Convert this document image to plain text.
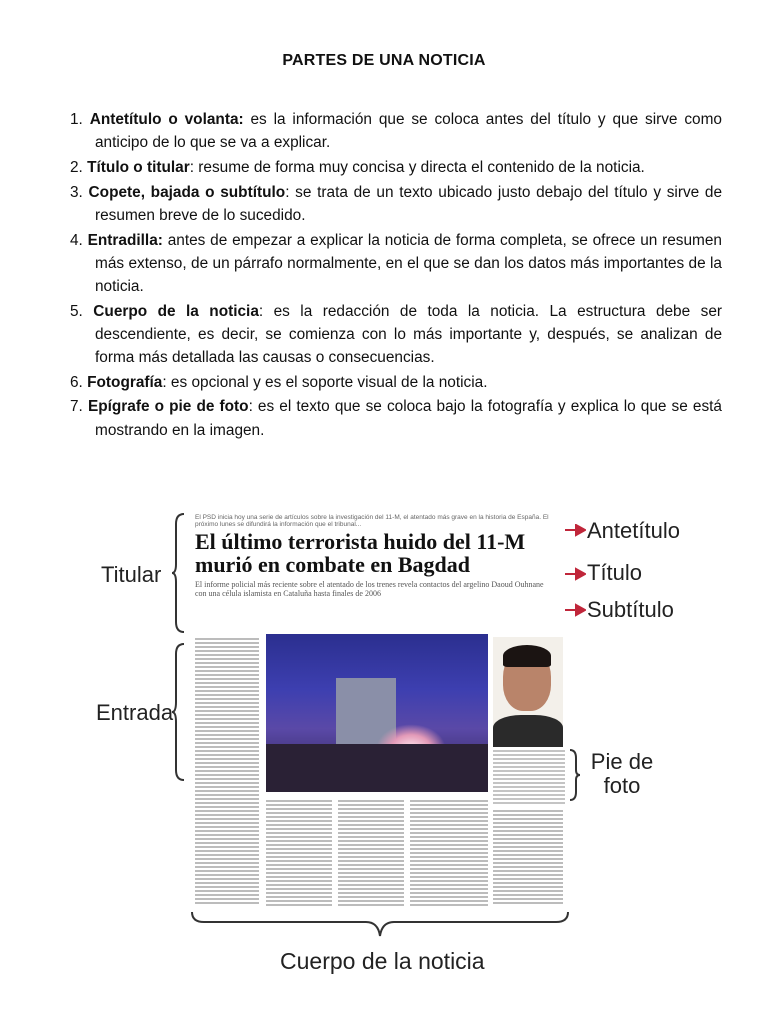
PARTES DE UNA NOTICIA
1. Antetítulo o volanta: es la información que se coloca antes del título y que sirve como anticipo de lo que se va a explicar.
2. Título o titular: resume de forma muy concisa y directa el contenido de la noticia.
3. Copete, bajada o subtítulo: se trata de un texto ubicado justo debajo del título y sirve de resumen breve de lo sucedido.
4. Entradilla: antes de empezar a explicar la noticia de forma completa, se ofrece un resumen más extenso, de un párrafo normalmente, en el que se dan los datos más importantes de la noticia.
5. Cuerpo de la noticia: es la redacción de toda la noticia. La estructura debe ser descendiente, es decir, se comienza con lo más importante y, después, se analizan de forma más detallada las causas o consecuencias.
6. Fotografía: es opcional y es el soporte visual de la noticia.
7. Epígrafe o pie de foto: es el texto que se coloca bajo la fotografía y explica lo que se está mostrando en la imagen.
Titular
Entrada
Antetítulo
Título
Subtítulo
Pie de
foto
Cuerpo de la noticia
El PSD inicia hoy una serie de artículos sobre la investigación del 11-M, el atentado más grave en la historia de España. El próximo lunes se difundirá la información que el tribunal...
El último terrorista huido del 11-M murió en combate en Bagdad
El informe policial más reciente sobre el atentado de los trenes revela contactos del argelino Daoud Ouhnane con una célula islamista en Cataluña hasta finales de 2006
